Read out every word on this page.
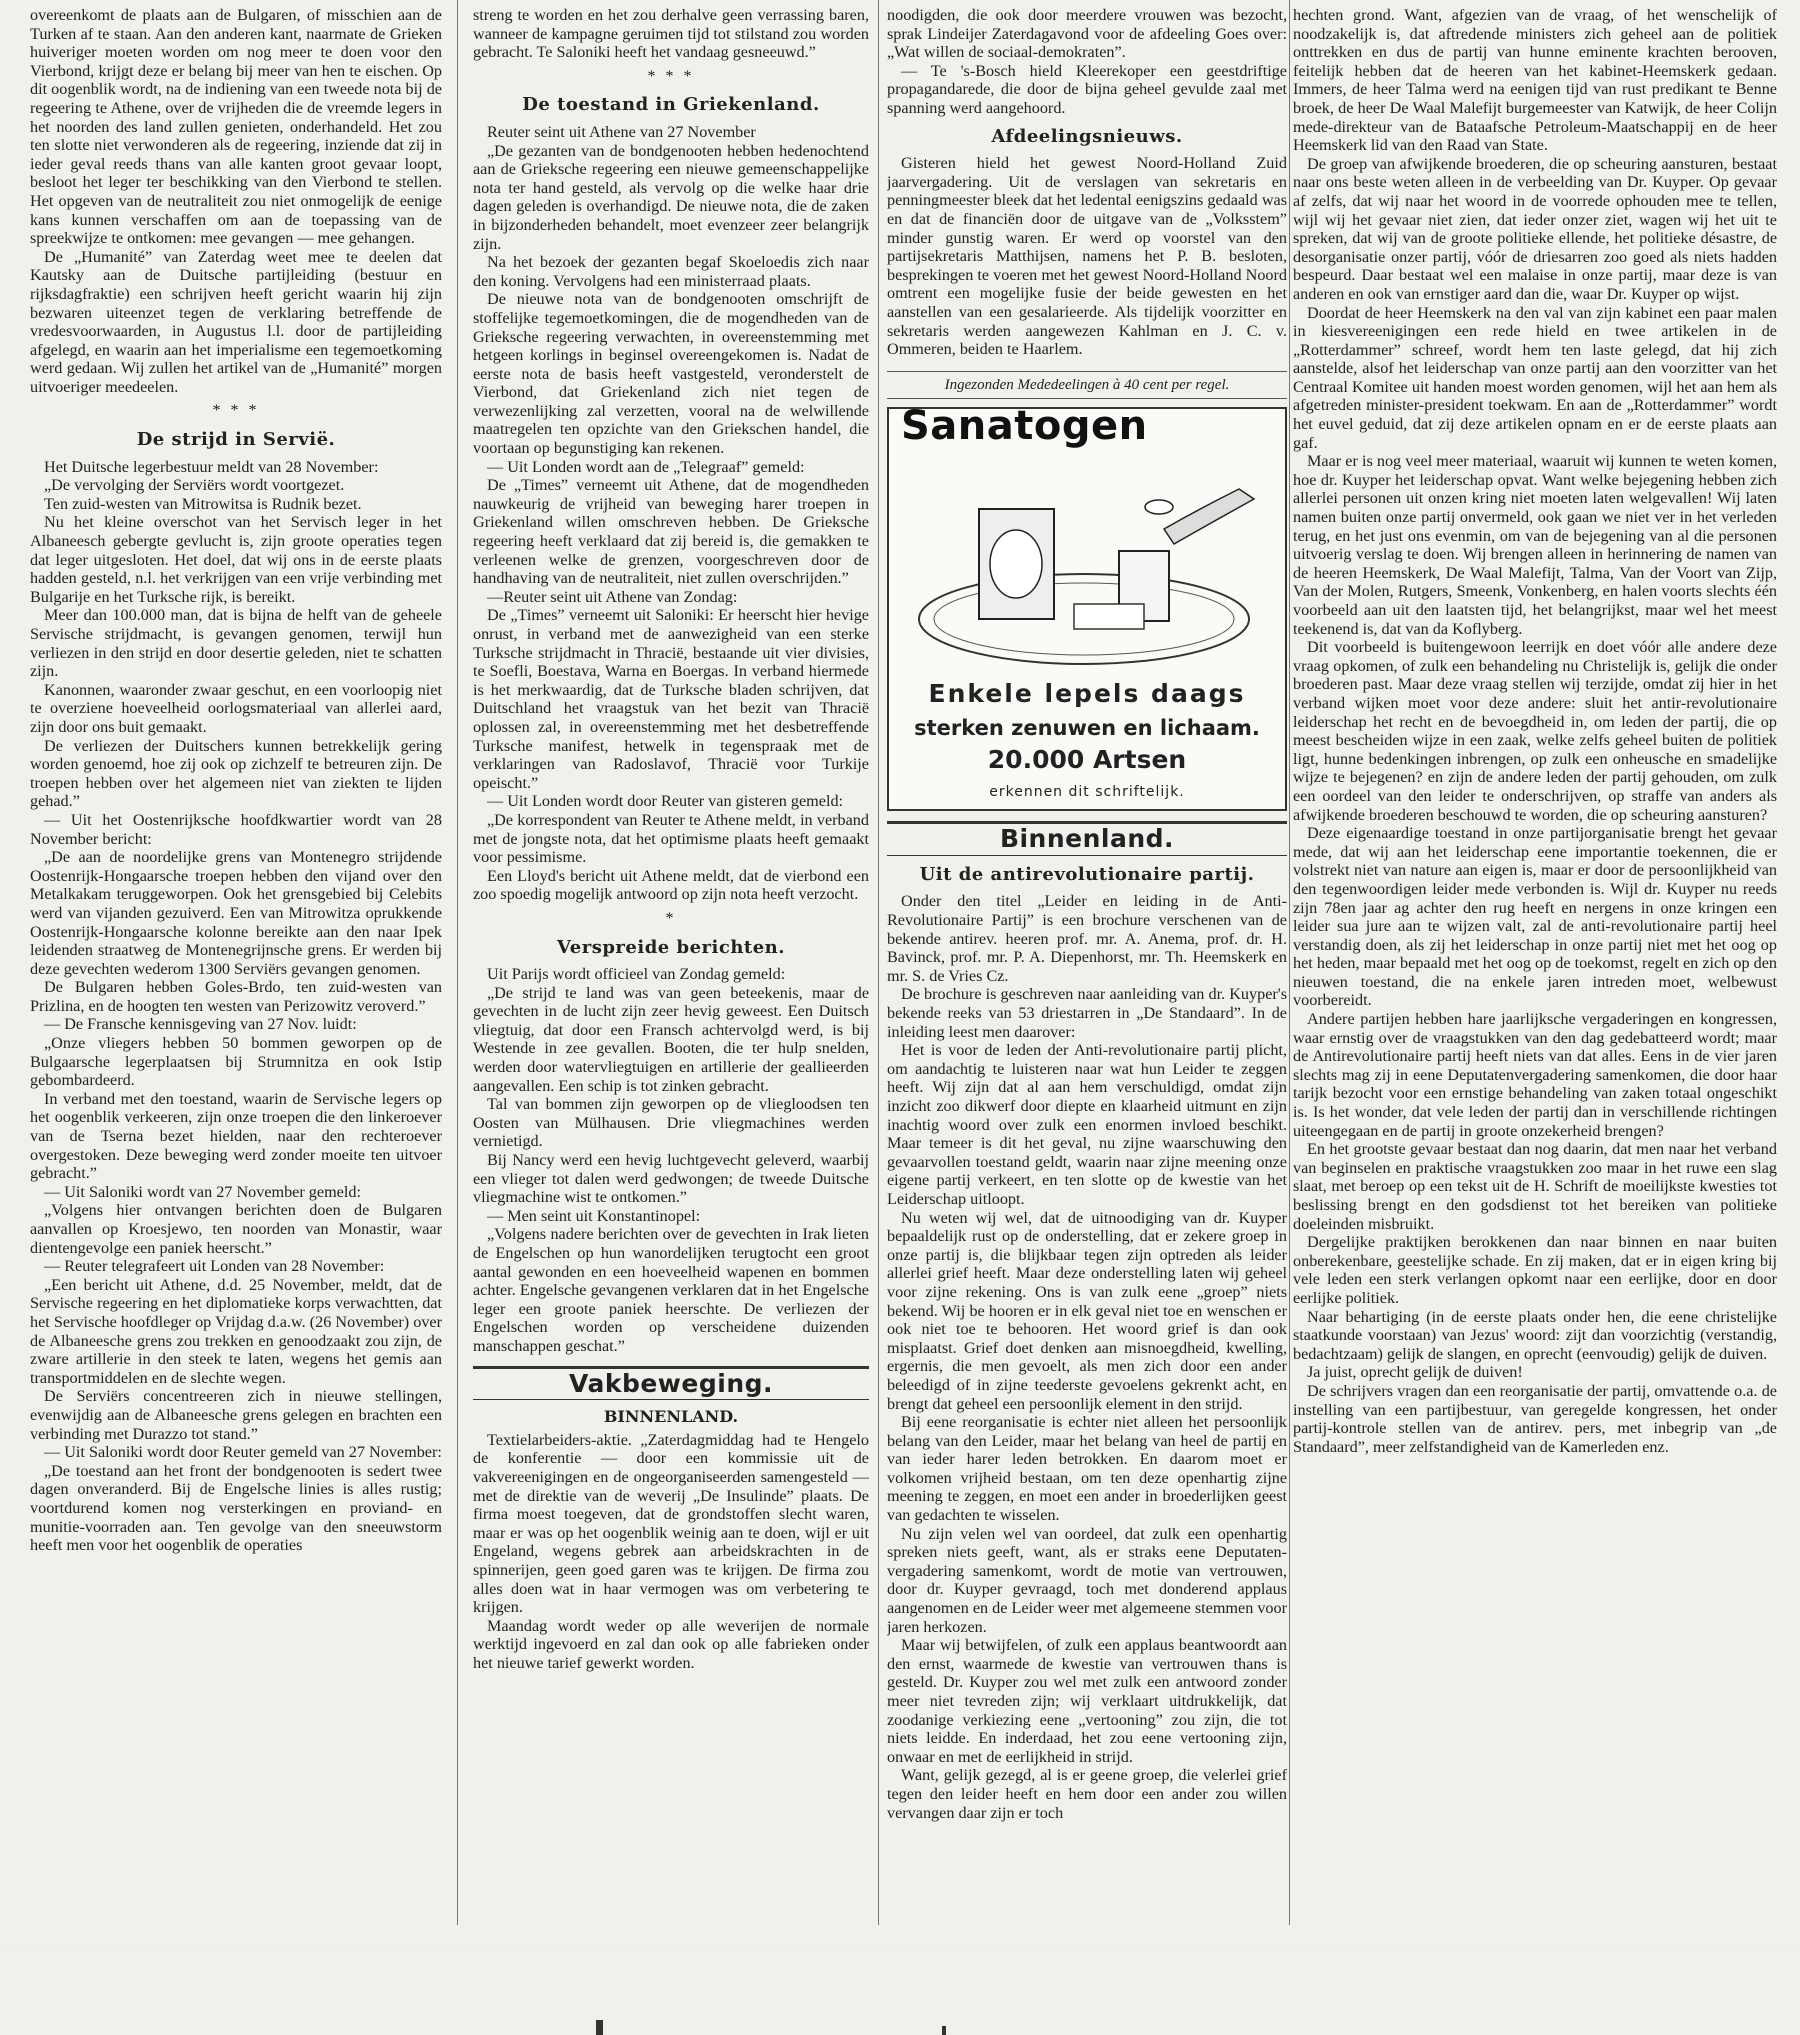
overeenkomt de plaats aan de Bulgaren, of misschien aan de Turken af te staan. Aan den anderen kant, naarmate de Grieken huiveriger moeten worden om nog meer te doen voor den Vierbond, krijgt deze er belang bij meer van hen te eischen. Op dit oogenblik wordt, na de indiening van een tweede nota bij de regeering te Athene, over de vrijheden die de vreemde legers in het noorden des land zullen genieten, onderhandeld. Het zou ten slotte niet verwonderen als de regeering, inziende dat zij in ieder geval reeds thans van alle kanten groot gevaar loopt, besloot het leger ter beschikking van den Vierbond te stellen. Het opgeven van de neutraliteit zou niet onmogelijk de eenige kans kunnen verschaffen om aan de toepassing van de spreekwijze te ontkomen: mee gevangen — mee gehangen.

De „Humanité” van Zaterdag weet mee te deelen dat Kautsky aan de Duitsche partijleiding (bestuur en rijksdagfraktie) een schrijven heeft gericht waarin hij zijn bezwaren uiteenzet tegen de verklaring betreffende de vredesvoorwaarden, in Augustus l.l. door de partijleiding afgelegd, en waarin aan het imperialisme een tegemoetkoming werd gedaan. Wij zullen het artikel van de „Humanité” morgen uitvoeriger meedeelen.

* * *
De strijd in Servië.

Het Duitsche legerbestuur meldt van 28 November:

„De vervolging der Serviërs wordt voortgezet.

Ten zuid-westen van Mitrowitsa is Rudnik bezet.

Nu het kleine overschot van het Servisch leger in het Albaneesch gebergte gevlucht is, zijn groote operaties tegen dat leger uitgesloten. Het doel, dat wij ons in de eerste plaats hadden gesteld, n.l. het verkrijgen van een vrije verbinding met Bulgarije en het Turksche rijk, is bereikt.

Meer dan 100.000 man, dat is bijna de helft van de geheele Servische strijdmacht, is gevangen genomen, terwijl hun verliezen in den strijd en door desertie geleden, niet te schatten zijn.

Kanonnen, waaronder zwaar geschut, en een voorloopig niet te overziene hoeveelheid oorlogsmateriaal van allerlei aard, zijn door ons buit gemaakt.

De verliezen der Duitschers kunnen betrekkelijk gering worden genoemd, hoe zij ook op zichzelf te betreuren zijn. De troepen hebben over het algemeen niet van ziekten te lijden gehad.”

— Uit het Oostenrijksche hoofdkwartier wordt van 28 November bericht:

„De aan de noordelijke grens van Montenegro strijdende Oostenrijk-Hongaarsche troepen hebben den vijand over den Metalkakam teruggeworpen. Ook het grensgebied bij Celebits werd van vijanden gezuiverd. Een van Mitrowitza oprukkende Oostenrijk-Hongaarsche kolonne bereikte aan den naar Ipek leidenden straatweg de Montenegrijnsche grens. Er werden bij deze gevechten wederom 1300 Serviërs gevangen genomen.

De Bulgaren hebben Goles-Brdo, ten zuid-westen van Prizlina, en de hoogten ten westen van Perizowitz veroverd.”

— De Fransche kennisgeving van 27 Nov. luidt:

„Onze vliegers hebben 50 bommen geworpen op de Bulgaarsche legerplaatsen bij Strumnitza en ook Istip gebombardeerd.

In verband met den toestand, waarin de Servische legers op het oogenblik verkeeren, zijn onze troepen die den linkeroever van de Tserna bezet hielden, naar den rechteroever overgestoken. Deze beweging werd zonder moeite ten uitvoer gebracht.”

— Uit Saloniki wordt van 27 November gemeld:

„Volgens hier ontvangen berichten doen de Bulgaren aanvallen op Kroesjewo, ten noorden van Monastir, waar dientengevolge een paniek heerscht.”

— Reuter telegrafeert uit Londen van 28 November:

„Een bericht uit Athene, d.d. 25 November, meldt, dat de Servische regeering en het diplomatieke korps verwachtten, dat het Servische hoofdleger op Vrijdag d.a.w. (26 November) over de Albaneesche grens zou trekken en genoodzaakt zou zijn, de zware artillerie in den steek te laten, wegens het gemis aan transportmiddelen en de slechte wegen.

De Serviërs concentreeren zich in nieuwe stellingen, evenwijdig aan de Albaneesche grens gelegen en brachten een verbinding met Durazzo tot stand.”

— Uit Saloniki wordt door Reuter gemeld van 27 November:

„De toestand aan het front der bondgenooten is sedert twee dagen onveranderd. Bij de Engelsche linies is alles rustig; voortdurend komen nog versterkingen en proviand- en munitie-voorraden aan. Ten gevolge van den sneeuwstorm heeft men voor het oogenblik de operaties

streng te worden en het zou derhalve geen verrassing baren, wanneer de kampagne geruimen tijd tot stilstand zou worden gebracht. Te Saloniki heeft het vandaag gesneeuwd.”

* * *
De toestand in Griekenland.

Reuter seint uit Athene van 27 November

„De gezanten van de bondgenooten hebben hedenochtend aan de Grieksche regeering een nieuwe gemeenschappelijke nota ter hand gesteld, als vervolg op die welke haar drie dagen geleden is overhandigd. De nieuwe nota, die de zaken in bijzonderheden behandelt, moet evenzeer zeer belangrijk zijn.

Na het bezoek der gezanten begaf Skoeloedis zich naar den koning. Vervolgens had een ministerraad plaats.

De nieuwe nota van de bondgenooten omschrijft de stoffelijke tegemoetkomingen, die de mogendheden van de Grieksche regeering verwachten, in overeenstemming met hetgeen korlings in beginsel overeengekomen is. Nadat de eerste nota de basis heeft vastgesteld, veronderstelt de Vierbond, dat Griekenland zich niet tegen de verwezenlijking zal verzetten, vooral na de welwillende maatregelen ten opzichte van den Griekschen handel, die voortaan op begunstiging kan rekenen.

— Uit Londen wordt aan de „Telegraaf” gemeld:

De „Times” verneemt uit Athene, dat de mogendheden nauwkeurig de vrijheid van beweging harer troepen in Griekenland willen omschreven hebben. De Grieksche regeering heeft verklaard dat zij bereid is, die gemakken te verleenen welke de grenzen, voorgeschreven door de handhaving van de neutraliteit, niet zullen overschrijden.”

—Reuter seint uit Athene van Zondag:

De „Times” verneemt uit Saloniki: Er heerscht hier hevige onrust, in verband met de aanwezigheid van een sterke Turksche strijdmacht in Thracië, bestaande uit vier divisies, te Soefli, Boestava, Warna en Boergas. In verband hiermede is het merkwaardig, dat de Turksche bladen schrijven, dat Duitschland het vraagstuk van het bezit van Thracië oplossen zal, in overeenstemming met het desbetreffende Turksche manifest, hetwelk in tegenspraak met de verklaringen van Radoslavof, Thracië voor Turkije opeischt.”

— Uit Londen wordt door Reuter van gisteren gemeld:

„De korrespondent van Reuter te Athene meldt, in verband met de jongste nota, dat het optimisme plaats heeft gemaakt voor pessimisme.

Een Lloyd's bericht uit Athene meldt, dat de vierbond een zoo spoedig mogelijk antwoord op zijn nota heeft verzocht.

*
Verspreide berichten.

Uit Parijs wordt officieel van Zondag gemeld:

„De strijd te land was van geen beteekenis, maar de gevechten in de lucht zijn zeer hevig geweest. Een Duitsch vliegtuig, dat door een Fransch achtervolgd werd, is bij Westende in zee gevallen. Booten, die ter hulp snelden, werden door watervliegtuigen en artillerie der geallieerden aangevallen. Een schip is tot zinken gebracht.

Tal van bommen zijn geworpen op de vliegloodsen ten Oosten van Mülhausen. Drie vliegmachines werden vernietigd.

Bij Nancy werd een hevig luchtgevecht geleverd, waarbij een vlieger tot dalen werd gedwongen; de tweede Duitsche vliegmachine wist te ontkomen.”

— Men seint uit Konstantinopel:

„Volgens nadere berichten over de gevechten in Irak lieten de Engelschen op hun wanordelijken terugtocht een groot aantal gewonden en een hoeveelheid wapenen en bommen achter. Engelsche gevangenen verklaren dat in het Engelsche leger een groote paniek heerschte. De verliezen der Engelschen worden op verscheidene duizenden manschappen geschat.”

Vakbeweging.
BINNENLAND.

Textielarbeiders-aktie. „Zaterdagmiddag had te Hengelo de konferentie — door een kommissie uit de vakvereenigingen en de ongeorganiseerden samengesteld — met de direktie van de weverij „De Insulinde” plaats. De firma moest toegeven, dat de grondstoffen slecht waren, maar er was op het oogenblik weinig aan te doen, wijl er uit Engeland, wegens gebrek aan arbeidskrachten in de spinnerijen, geen goed garen was te krijgen. De firma zou alles doen wat in haar vermogen was om verbetering te krijgen.

Maandag wordt weder op alle weverijen de normale werktijd ingevoerd en zal dan ook op alle fabrieken onder het nieuwe tarief gewerkt worden.

noodigden, die ook door meerdere vrouwen was bezocht, sprak Lindeijer Zaterdagavond voor de afdeeling Goes over: „Wat willen de sociaal-demokraten”.

— Te 's-Bosch hield Kleerekoper een geestdriftige propagandarede, die door de bijna geheel gevulde zaal met spanning werd aangehoord.

Afdeelingsnieuws.

Gisteren hield het gewest Noord-Holland Zuid jaarvergadering. Uit de verslagen van sekretaris en penningmeester bleek dat het ledental eenigszins gedaald was en dat de financiën door de uitgave van de „Volksstem” minder gunstig waren. Er werd op voorstel van den partijsekretaris Matthijsen, namens het P. B. besloten, besprekingen te voeren met het gewest Noord-Holland Noord omtrent een mogelijke fusie der beide gewesten en het aanstellen van een gesalarieerde. Als tijdelijk voorzitter en sekretaris werden aangewezen Kahlman en J. C. v. Ommeren, beiden te Haarlem.

Ingezonden Mededeelingen à 40 cent per regel.
Sanatogen
Enkele lepels daags
sterken zenuwen en lichaam.
20.000 Artsen
erkennen dit schriftelijk.
Binnenland.
Uit de antirevolutionaire partij.

Onder den titel „Leider en leiding in de Anti-Revolutionaire Partij” is een brochure verschenen van de bekende antirev. heeren prof. mr. A. Anema, prof. dr. H. Bavinck, prof. mr. P. A. Diepenhorst, mr. Th. Heemskerk en mr. S. de Vries Cz.

De brochure is geschreven naar aanleiding van dr. Kuyper's bekende reeks van 53 driestarren in „De Standaard”. In de inleiding leest men daarover:

Het is voor de leden der Anti-revolutionaire partij plicht, om aandachtig te luisteren naar wat hun Leider te zeggen heeft. Wij zijn dat al aan hem verschuldigd, omdat zijn inzicht zoo dikwerf door diepte en klaarheid uitmunt en zijn inachtig woord over zulk een enormen invloed beschikt. Maar temeer is dit het geval, nu zijne waarschuwing den gevaarvollen toestand geldt, waarin naar zijne meening onze eigene partij verkeert, en ten slotte op de kwestie van het Leiderschap uitloopt.

Nu weten wij wel, dat de uitnoodiging van dr. Kuyper bepaaldelijk rust op de onderstelling, dat er zekere groep in onze partij is, die blijkbaar tegen zijn optreden als leider allerlei grief heeft. Maar deze onderstelling laten wij geheel voor zijne rekening. Ons is van zulk eene „groep” niets bekend. Wij be hooren er in elk geval niet toe en wenschen er ook niet toe te behooren. Het woord grief is dan ook misplaatst. Grief doet denken aan misnoegdheid, kwelling, ergernis, die men gevoelt, als men zich door een ander beleedigd of in zijne teederste gevoelens gekrenkt acht, en brengt dat geheel een persoonlijk element in den strijd.

Bij eene reorganisatie is echter niet alleen het persoonlijk belang van den Leider, maar het belang van heel de partij en van ieder harer leden betrokken. En daarom moet er volkomen vrijheid bestaan, om ten deze openhartig zijne meening te zeggen, en moet een ander in broederlijken geest van gedachten te wisselen.

Nu zijn velen wel van oordeel, dat zulk een openhartig spreken niets geeft, want, als er straks eene Deputaten-vergadering samenkomt, wordt de motie van vertrouwen, door dr. Kuyper gevraagd, toch met donderend applaus aangenomen en de Leider weer met algemeene stemmen voor jaren herkozen.

Maar wij betwijfelen, of zulk een applaus beantwoordt aan den ernst, waarmede de kwestie van vertrouwen thans is gesteld. Dr. Kuyper zou wel met zulk een antwoord zonder meer niet tevreden zijn; wij verklaart uitdrukkelijk, dat zoodanige verkiezing eene „vertooning” zou zijn, die tot niets leidde. En inderdaad, het zou eene vertooning zijn, onwaar en met de eerlijkheid in strijd.

Want, gelijk gezegd, al is er geene groep, die velerlei grief tegen den leider heeft en hem door een ander zou willen vervangen daar zijn er toch

hechten grond. Want, afgezien van de vraag, of het wenschelijk of noodzakelijk is, dat aftredende ministers zich geheel aan de politiek onttrekken en dus de partij van hunne eminente krachten berooven, feitelijk hebben dat de heeren van het kabinet-Heemskerk gedaan. Immers, de heer Talma werd na eenigen tijd van rust predikant te Benne broek, de heer De Waal Malefijt burgemeester van Katwijk, de heer Colijn mede-direkteur van de Bataafsche Petroleum-Maatschappij en de heer Heemskerk lid van den Raad van State.

De groep van afwijkende broederen, die op scheuring aansturen, bestaat naar ons beste weten alleen in de verbeelding van Dr. Kuyper. Op gevaar af zelfs, dat wij naar het woord in de voorrede ophouden mee te tellen, wijl wij het gevaar niet zien, dat ieder onzer ziet, wagen wij het uit te spreken, dat wij van de groote politieke ellende, het politieke désastre, de desorganisatie onzer partij, vóór de driesarren zoo goed als niets hadden bespeurd. Daar bestaat wel een malaise in onze partij, maar deze is van anderen en ook van ernstiger aard dan die, waar Dr. Kuyper op wijst.

Doordat de heer Heemskerk na den val van zijn kabinet een paar malen in kiesvereenigingen een rede hield en twee artikelen in de „Rotterdammer” schreef, wordt hem ten laste gelegd, dat hij zich aanstelde, alsof het leiderschap van onze partij aan den voorzitter van het Centraal Komitee uit handen moest worden genomen, wijl het aan hem als afgetreden minister-president toekwam. En aan de „Rotterdammer” wordt het euvel geduid, dat zij deze artikelen opnam en er de eerste plaats aan gaf.

Maar er is nog veel meer materiaal, waaruit wij kunnen te weten komen, hoe dr. Kuyper het leiderschap opvat. Want welke bejegening hebben zich allerlei personen uit onzen kring niet moeten laten welgevallen! Wij laten namen buiten onze partij onvermeld, ook gaan we niet ver in het verleden terug, en het just ons evenmin, om van de bejegening van al die personen uitvoerig verslag te doen. Wij brengen alleen in herinnering de namen van de heeren Heemskerk, De Waal Malefijt, Talma, Van der Voort van Zijp, Van der Molen, Rutgers, Smeenk, Vonkenberg, en halen voorts slechts één voorbeeld aan uit den laatsten tijd, het belangrijkst, maar wel het meest teekenend is, dat van da Koflyberg.

Dit voorbeeld is buitengewoon leerrijk en doet vóór alle andere deze vraag opkomen, of zulk een behandeling nu Christelijk is, gelijk die onder broederen past. Maar deze vraag stellen wij terzijde, omdat zij hier in het verband wijken moet voor deze andere: sluit het antir-revolutionaire leiderschap het recht en de bevoegdheid in, om leden der partij, die op meest bescheiden wijze in een zaak, welke zelfs geheel buiten de politiek ligt, hunne bedenkingen inbrengen, op zulk een onheusche en smadelijke wijze te bejegenen? en zijn de andere leden der partij gehouden, om zulk een oordeel van den leider te onderschrijven, op straffe van anders als afwijkende broederen beschouwd te worden, die op scheuring aansturen?

Deze eigenaardige toestand in onze partijorganisatie brengt het gevaar mede, dat wij aan het leiderschap eene importantie toekennen, die er volstrekt niet van nature aan eigen is, maar er door de persoonlijkheid van den tegenwoordigen leider mede verbonden is. Wijl dr. Kuyper nu reeds zijn 78en jaar ag achter den rug heeft en nergens in onze kringen een leider sua jure aan te wijzen valt, zal de anti-revolutionaire partij heel verstandig doen, als zij het leiderschap in onze partij niet met het oog op het heden, maar bepaald met het oog op de toekomst, regelt en zich op den nieuwen toestand, die na enkele jaren intreden moet, welbewust voorbereidt.

Andere partijen hebben hare jaarlijksche vergaderingen en kongressen, waar ernstig over de vraagstukken van den dag gedebatteerd wordt; maar de Antirevolutionaire partij heeft niets van dat alles. Eens in de vier jaren slechts mag zij in eene Deputatenvergadering samenkomen, die door haar tarijk bezocht voor een ernstige behandeling van zaken totaal ongeschikt is. Is het wonder, dat vele leden der partij dan in verschillende richtingen uiteengegaan en de partij in groote onzekerheid brengen?

En het grootste gevaar bestaat dan nog daarin, dat men naar het verband van beginselen en praktische vraagstukken zoo maar in het ruwe een slag slaat, met beroep op een tekst uit de H. Schrift de moeilijkste kwesties tot beslissing brengt en den godsdienst tot het bereiken van politieke doeleinden misbruikt.

Dergelijke praktijken berokkenen dan naar binnen en naar buiten onberekenbare, geestelijke schade. En zij maken, dat er in eigen kring bij vele leden een sterk verlangen opkomt naar een eerlijke, door en door eerlijke politiek.

Naar behartiging (in de eerste plaats onder hen, die eene christelijke staatkunde voorstaan) van Jezus' woord: zijt dan voorzichtig (verstandig, bedachtzaam) gelijk de slangen, en oprecht (eenvoudig) gelijk de duiven.

Ja juist, oprecht gelijk de duiven!

De schrijvers vragen dan een reorganisatie der partij, omvattende o.a. de instelling van een partijbestuur, van geregelde kongressen, het onder partij-kontrole stellen van de antirev. pers, met inbegrip van „de Standaard”, meer zelfstandigheid van de Kamerleden enz.
